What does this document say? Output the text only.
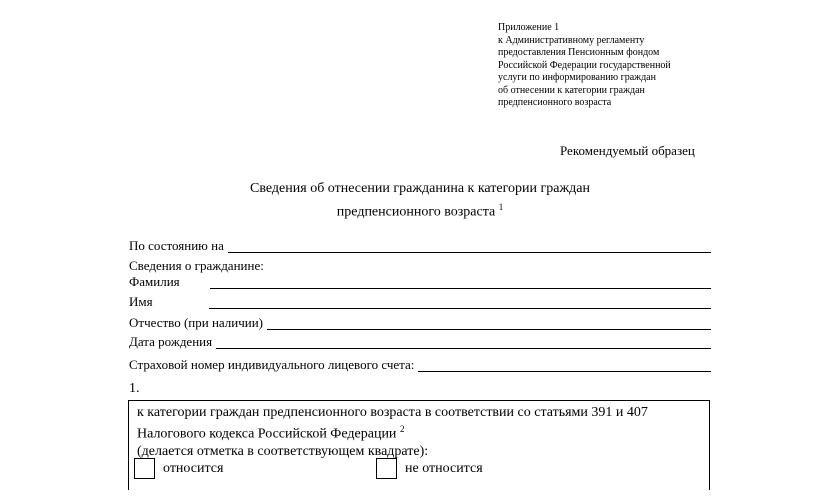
Приложение 1
к Административному регламенту
предоставления Пенсионным фондом
Российской Федерации государственной
услуги по информированию граждан
об отнесении к категории граждан
предпенсионного возраста
Рекомендуемый образец
Сведения об отнесении гражданина к категории граждан
предпенсионного возраста $^1$
По состоянию на
Сведения о гражданине:
Фамилия
Имя
Отчество (при наличии)
Дата рождения
Страховой номер индивидуального лицевого счета:
1.
к категории граждан предпенсионного возраста в соответствии со статьями 391 и 407
Налогового кодекса Российской Федерации $^2$
(делается отметка в соответствующем квадрате):
относится	не относится
